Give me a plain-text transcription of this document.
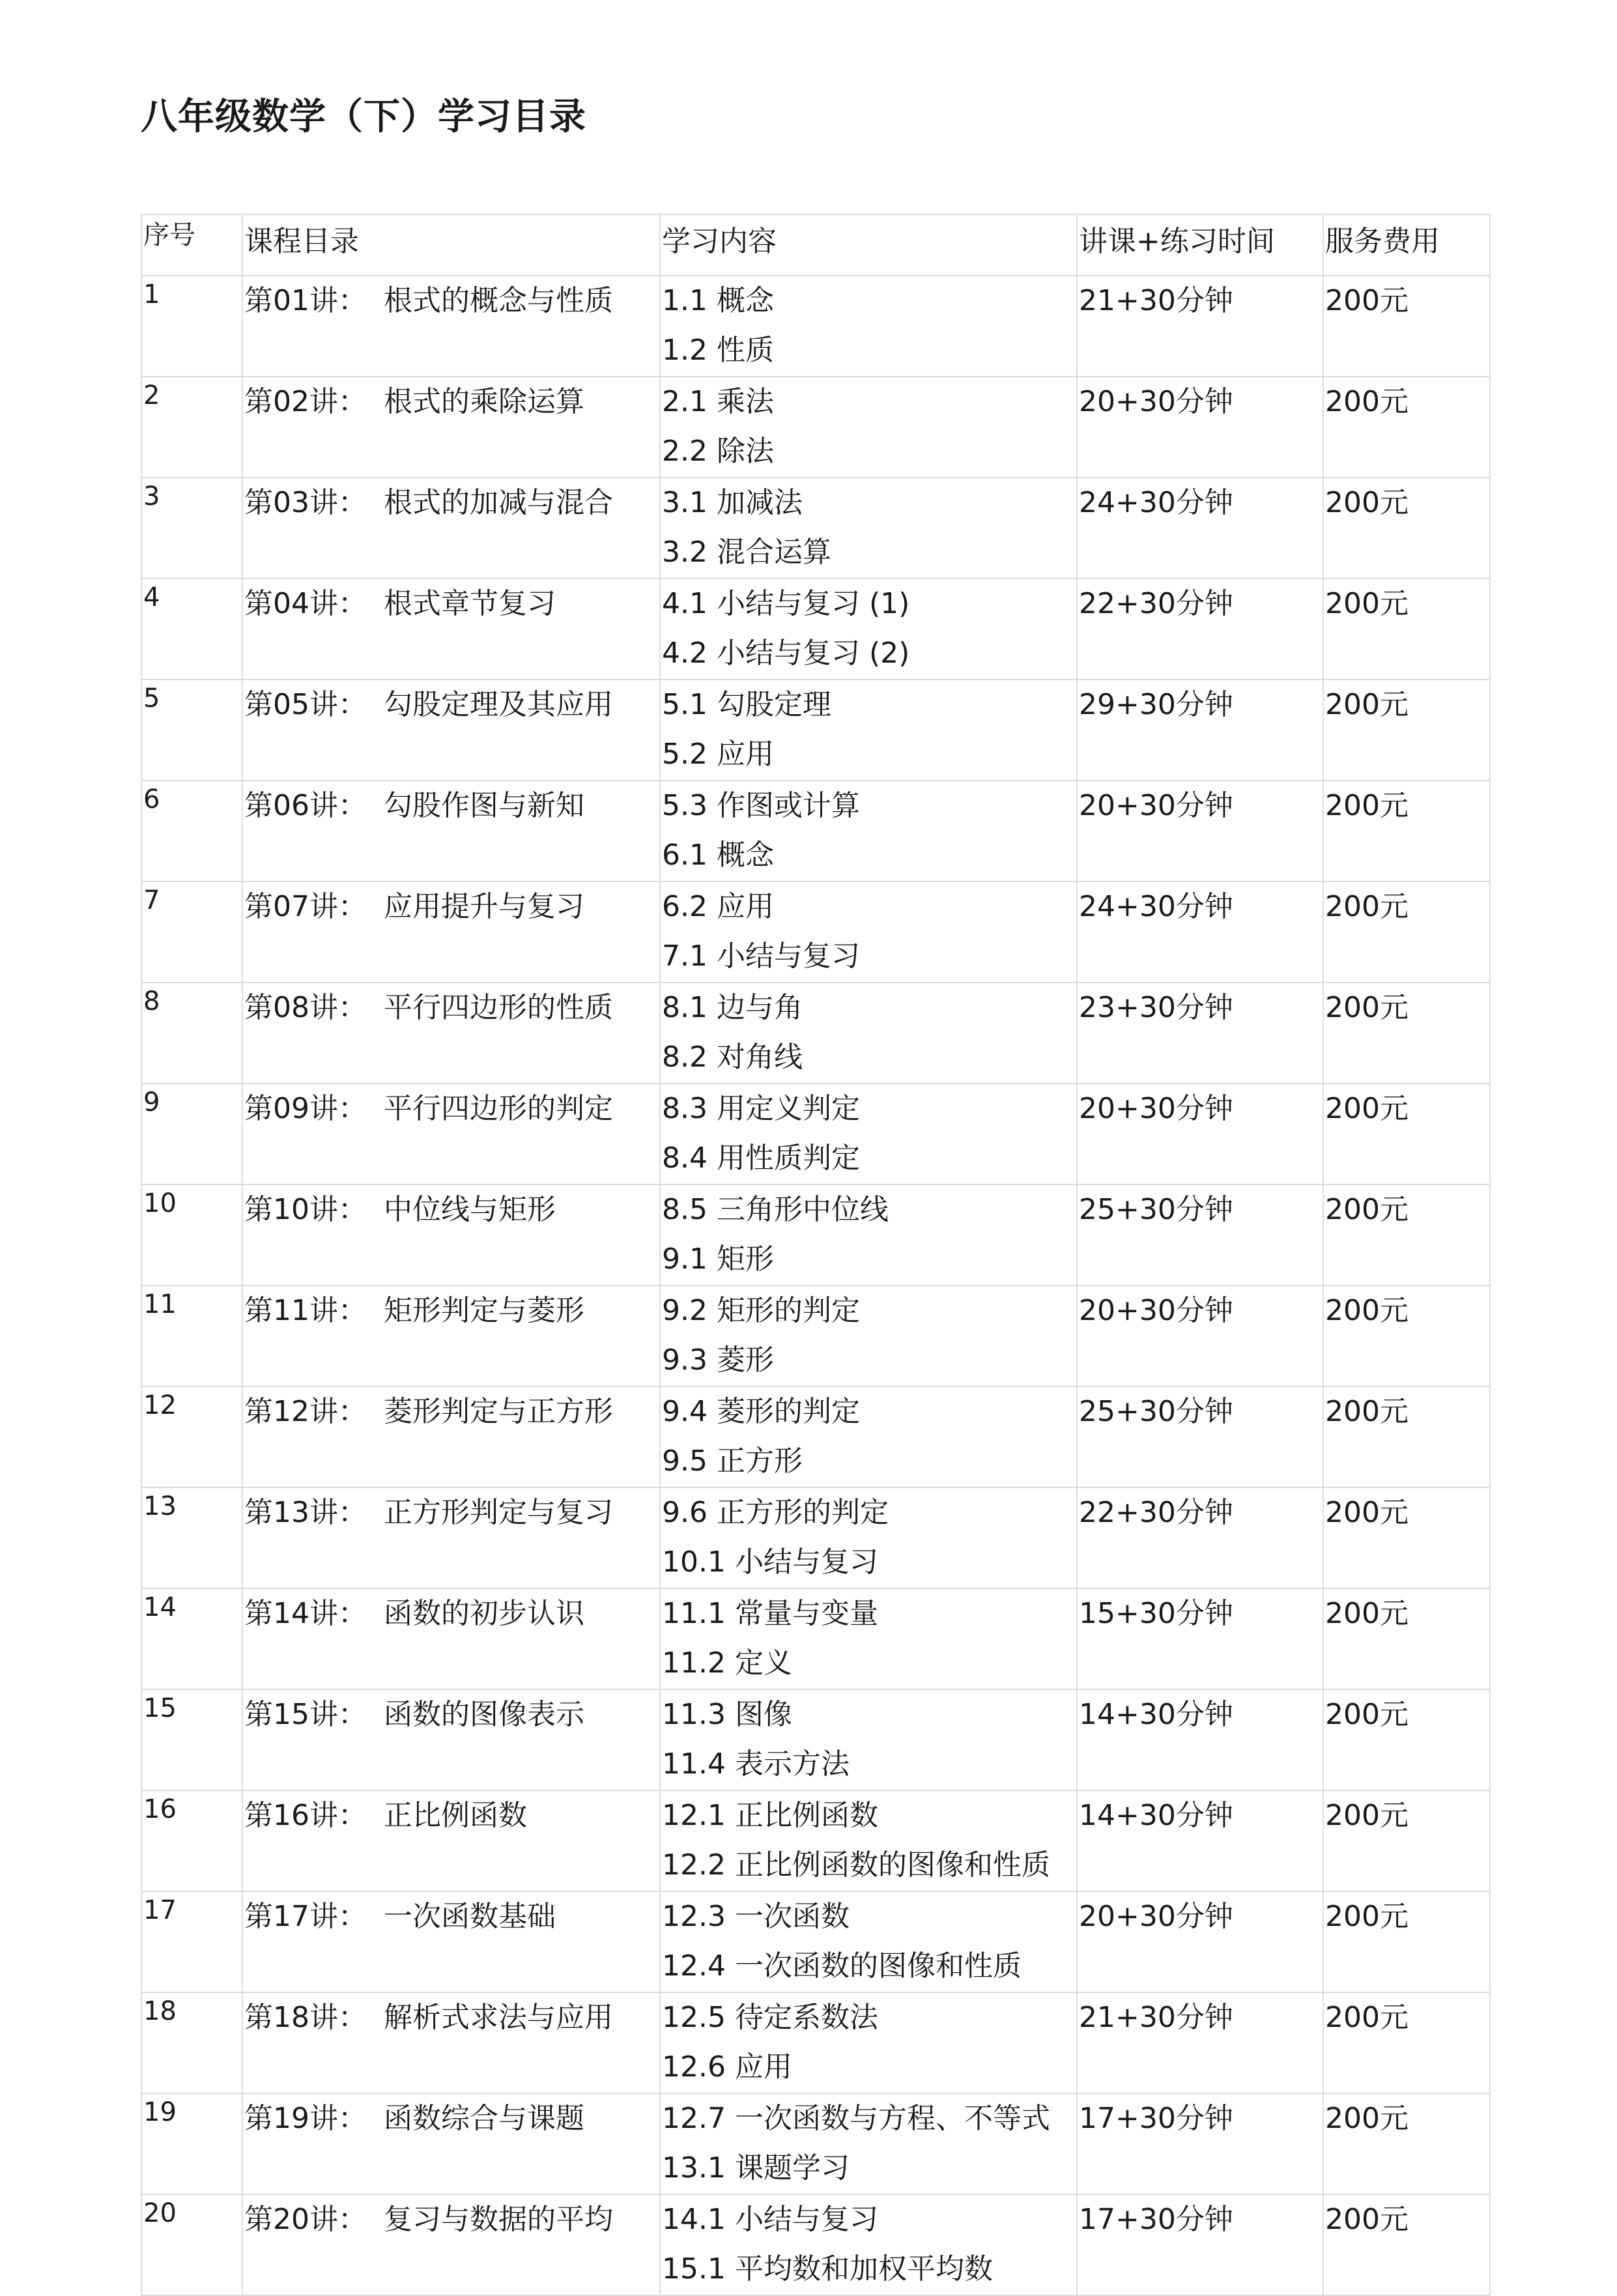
八年级数学（下）学习目录
序号	课程目录	学习内容	讲课+练习时间	服务费用
1	第01讲： 根式的概念与性质	1.1 概念
1.2 性质	21+30分钟	200元
2	第02讲： 根式的乘除运算	2.1 乘法
2.2 除法	20+30分钟	200元
3	第03讲： 根式的加减与混合	3.1 加减法
3.2 混合运算	24+30分钟	200元
4	第04讲： 根式章节复习	4.1 小结与复习 (1)
4.2 小结与复习 (2)	22+30分钟	200元
5	第05讲： 勾股定理及其应用	5.1 勾股定理
5.2 应用	29+30分钟	200元
6	第06讲： 勾股作图与新知	5.3 作图或计算
6.1 概念	20+30分钟	200元
7	第07讲： 应用提升与复习	6.2 应用
7.1 小结与复习	24+30分钟	200元
8	第08讲： 平行四边形的性质	8.1 边与角
8.2 对角线	23+30分钟	200元
9	第09讲： 平行四边形的判定	8.3 用定义判定
8.4 用性质判定	20+30分钟	200元
10	第10讲： 中位线与矩形	8.5 三角形中位线
9.1 矩形	25+30分钟	200元
11	第11讲： 矩形判定与菱形	9.2 矩形的判定
9.3 菱形	20+30分钟	200元
12	第12讲： 菱形判定与正方形	9.4 菱形的判定
9.5 正方形	25+30分钟	200元
13	第13讲： 正方形判定与复习	9.6 正方形的判定
10.1 小结与复习	22+30分钟	200元
14	第14讲： 函数的初步认识	11.1 常量与变量
11.2 定义	15+30分钟	200元
15	第15讲： 函数的图像表示	11.3 图像
11.4 表示方法	14+30分钟	200元
16	第16讲： 正比例函数	12.1 正比例函数
12.2 正比例函数的图像和性质	14+30分钟	200元
17	第17讲： 一次函数基础	12.3 一次函数
12.4 一次函数的图像和性质	20+30分钟	200元
18	第18讲： 解析式求法与应用	12.5 待定系数法
12.6 应用	21+30分钟	200元
19	第19讲： 函数综合与课题	12.7 一次函数与方程、不等式
13.1 课题学习	17+30分钟	200元
20	第20讲： 复习与数据的平均	14.1 小结与复习
15.1 平均数和加权平均数	17+30分钟	200元
